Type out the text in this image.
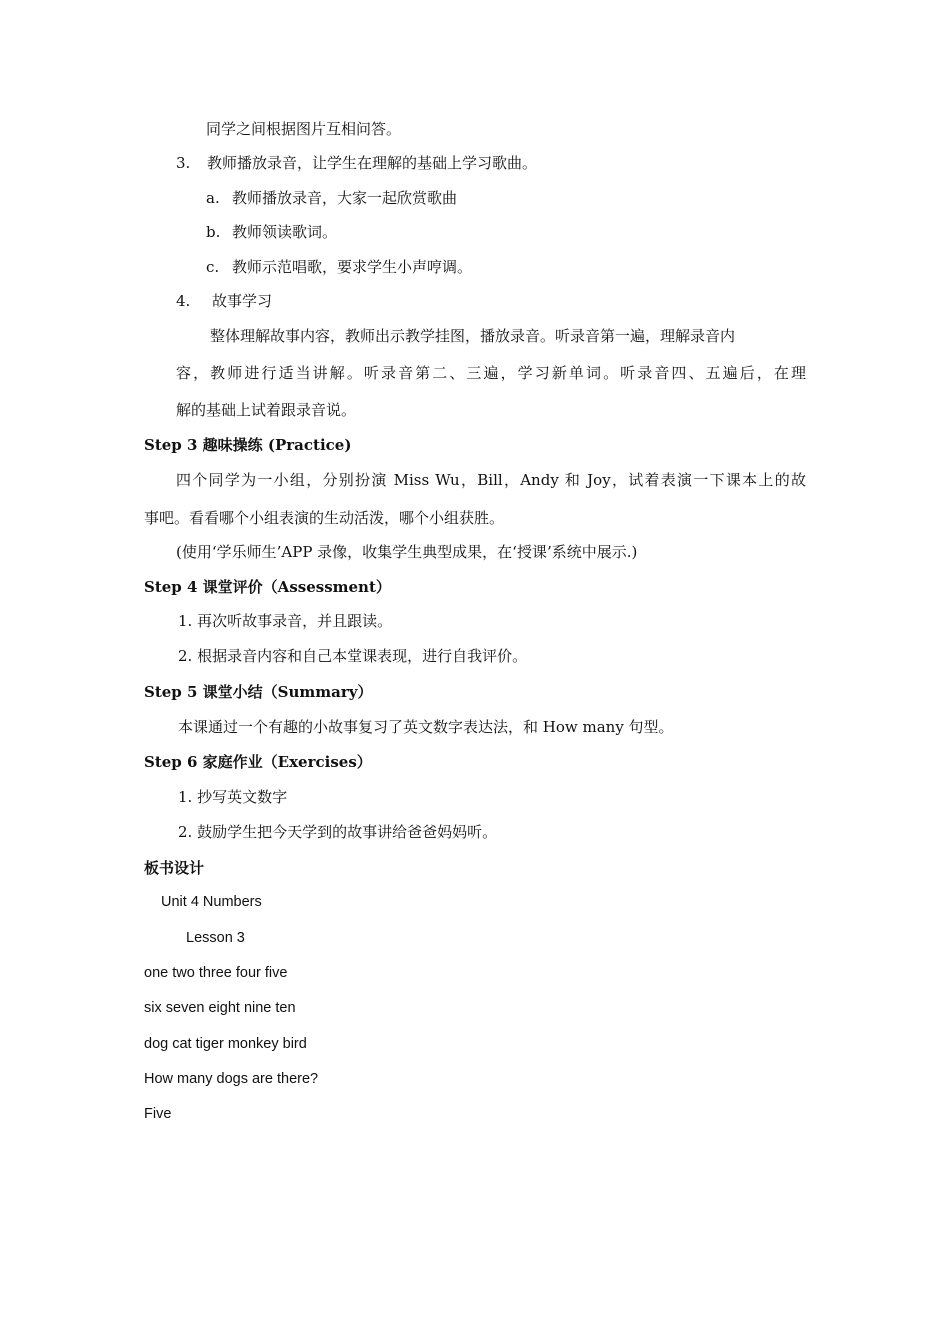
同学之间根据图片互相问答。
3. 教师播放录音，让学生在理解的基础上学习歌曲。
a. 教师播放录音，大家一起欣赏歌曲
b. 教师领读歌词。
c. 教师示范唱歌，要求学生小声哼调。
4. 故事学习
整体理解故事内容，教师出示教学挂图，播放录音。听录音第一遍，理解录音内
容，教师进行适当讲解。听录音第二、三遍，学习新单词。听录音四、五遍后，在理
解的基础上试着跟录音说。
Step 3 趣味操练 (Practice)
四个同学为一小组，分别扮演 Miss Wu，Bill，Andy 和 Joy，试着表演一下课本上的故
事吧。看看哪个小组表演的生动活泼，哪个小组获胜。
(使用‘学乐师生’APP 录像，收集学生典型成果，在‘授课’系统中展示.)
Step 4 课堂评价（Assessment）
1. 再次听故事录音，并且跟读。
2. 根据录音内容和自己本堂课表现，进行自我评价。
Step 5 课堂小结（Summary）
本课通过一个有趣的小故事复习了英文数字表达法，和 How many 句型。
Step 6 家庭作业（Exercises）
1. 抄写英文数字
2. 鼓励学生把今天学到的故事讲给爸爸妈妈听。
板书设计
Unit 4 Numbers
Lesson 3
one two three four five
six seven eight nine ten
dog cat tiger monkey bird
How many dogs are there?
Five
